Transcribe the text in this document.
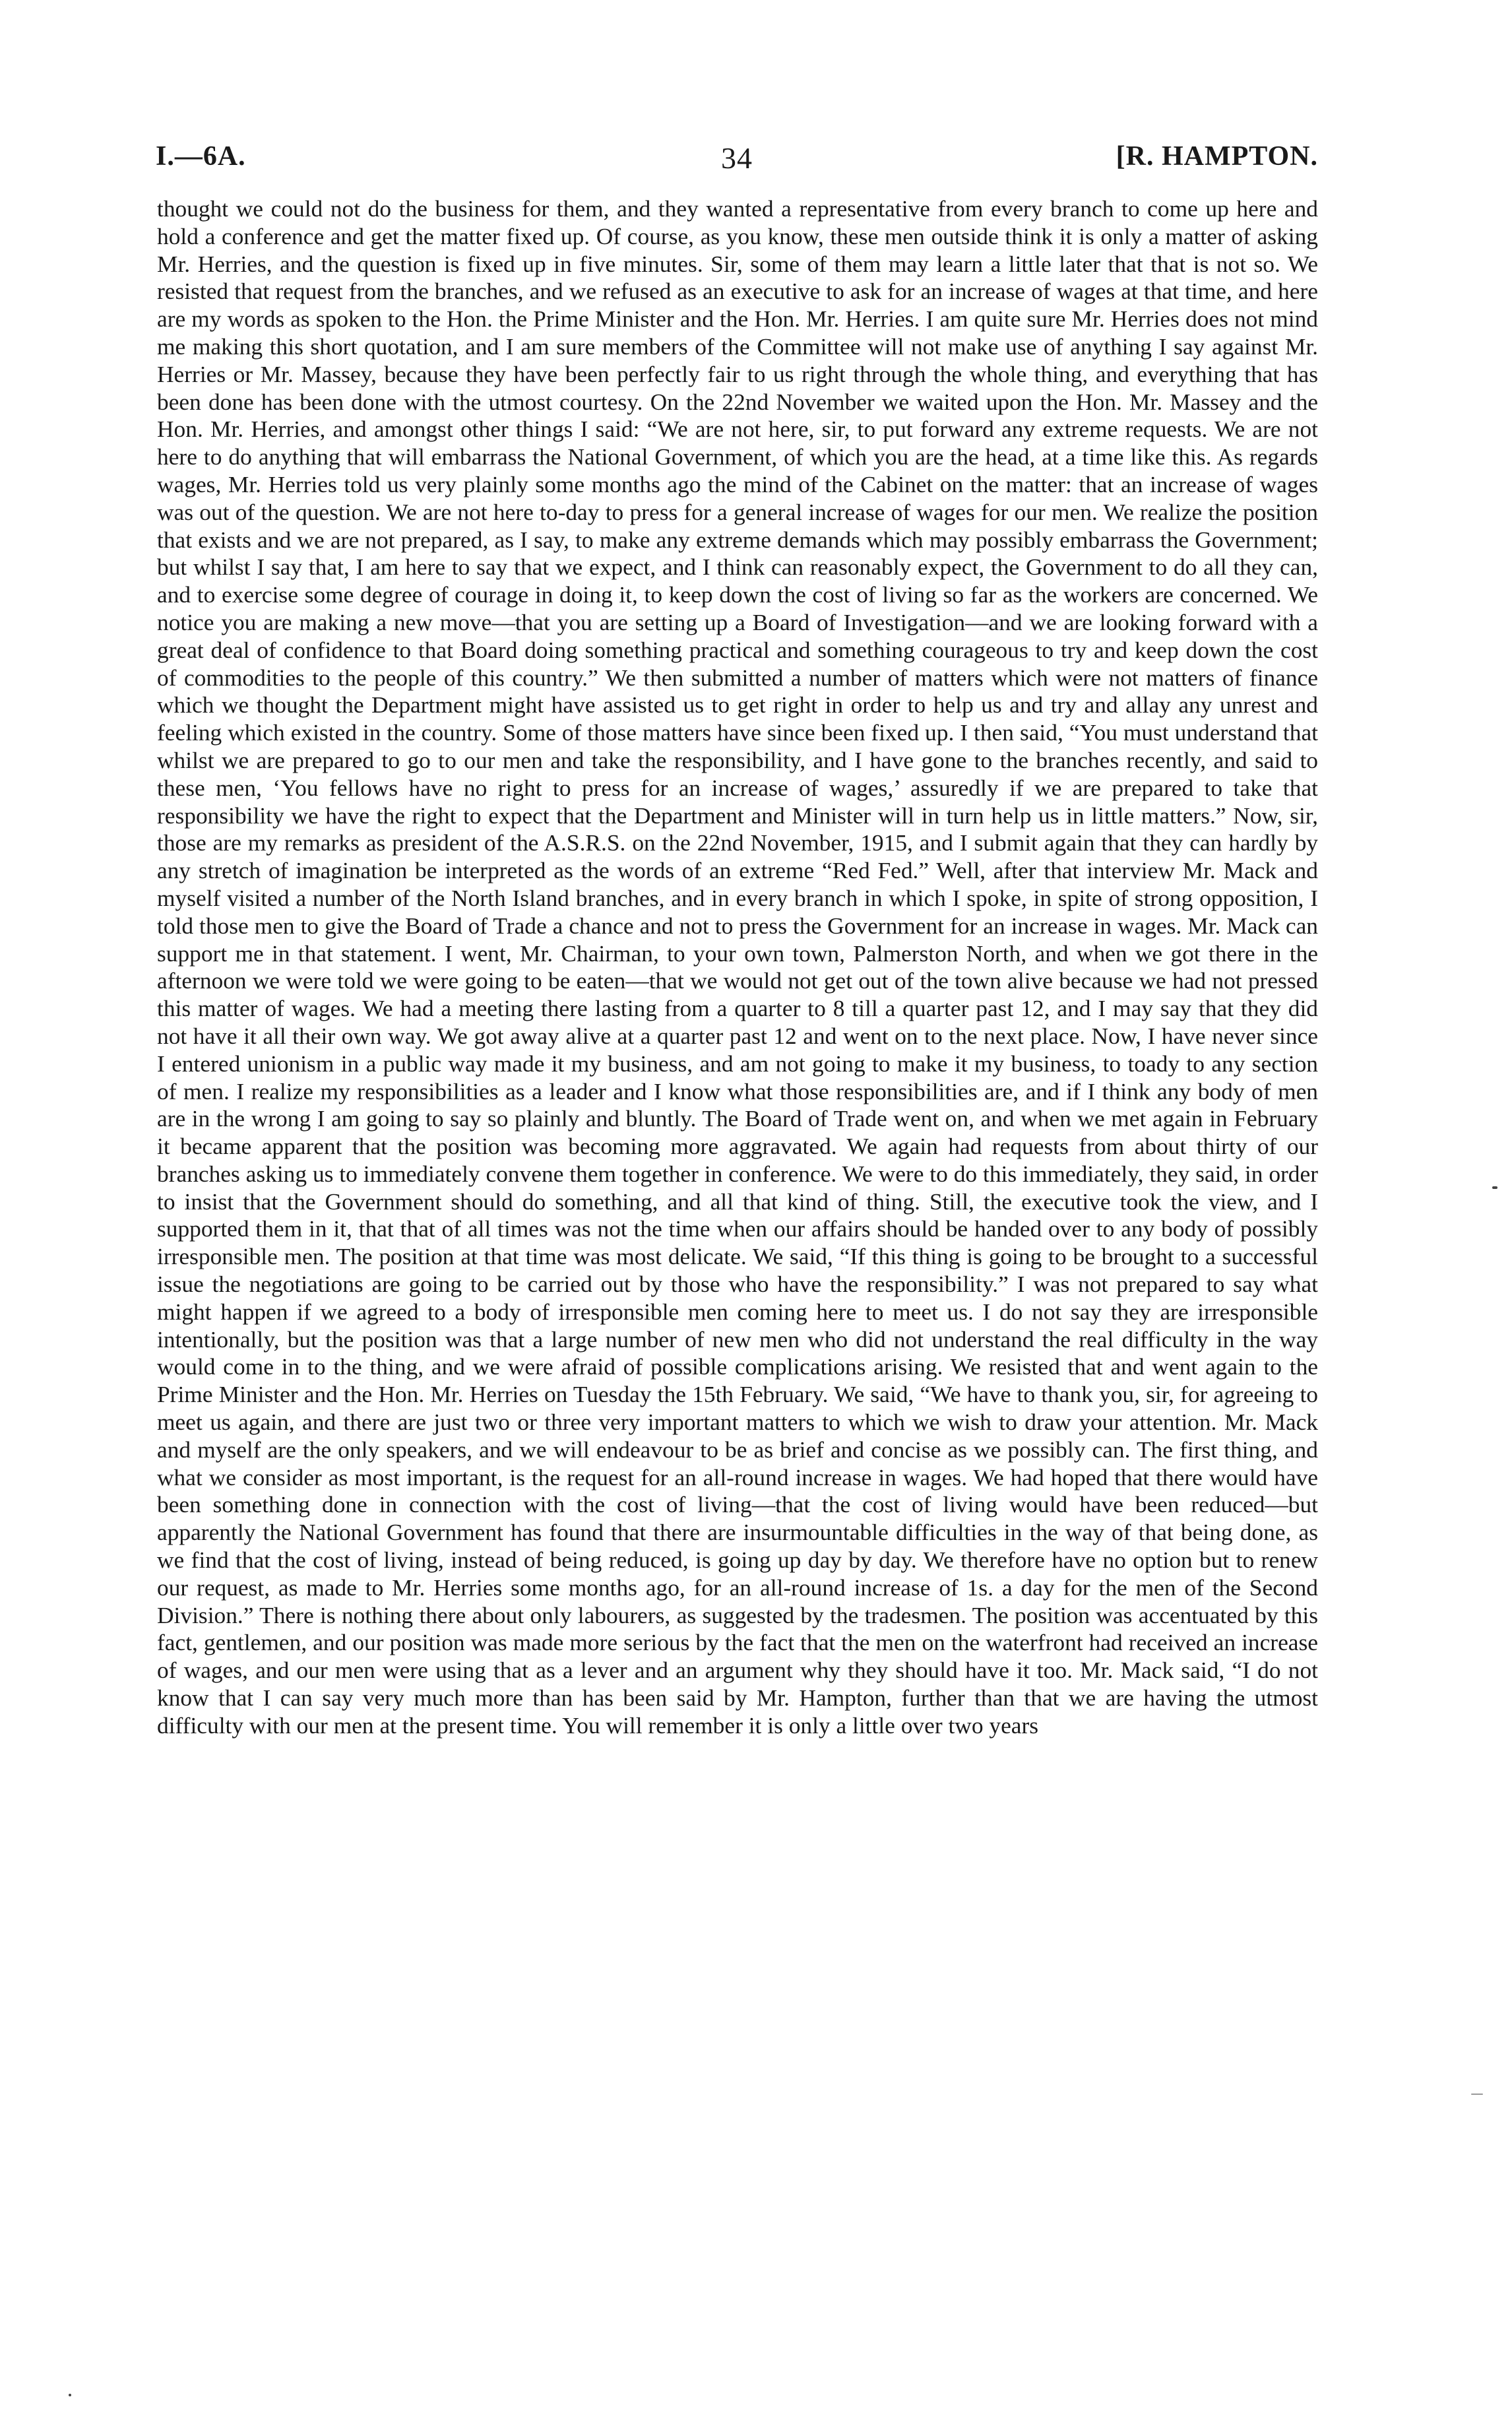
I.—6A.	34	[R. HAMPTON.

thought we could not do the business for them, and they wanted a representative from every branch to come up here and hold a conference and get the matter fixed up. Of course, as you know, these men outside think it is only a matter of asking Mr. Herries, and the question is fixed up in five minutes. Sir, some of them may learn a little later that that is not so. We resisted that request from the branches, and we refused as an executive to ask for an increase of wages at that time, and here are my words as spoken to the Hon. the Prime Minister and the Hon. Mr. Herries. I am quite sure Mr. Herries does not mind me making this short quotation, and I am sure members of the Committee will not make use of anything I say against Mr. Herries or Mr. Massey, because they have been perfectly fair to us right through the whole thing, and everything that has been done has been done with the utmost courtesy. On the 22nd November we waited upon the Hon. Mr. Massey and the Hon. Mr. Herries, and amongst other things I said: “We are not here, sir, to put forward any extreme requests. We are not here to do anything that will embarrass the National Government, of which you are the head, at a time like this. As regards wages, Mr. Herries told us very plainly some months ago the mind of the Cabinet on the matter: that an increase of wages was out of the question. We are not here to-day to press for a general increase of wages for our men. We realize the position that exists and we are not prepared, as I say, to make any extreme demands which may possibly embarrass the Government; but whilst I say that, I am here to say that we expect, and I think can reasonably expect, the Government to do all they can, and to exercise some degree of courage in doing it, to keep down the cost of living so far as the workers are concerned. We notice you are making a new move—that you are setting up a Board of Investigation—and we are looking forward with a great deal of confidence to that Board doing something practical and something courageous to try and keep down the cost of commodities to the people of this country.” We then submitted a number of matters which were not matters of finance which we thought the Department might have assisted us to get right in order to help us and try and allay any unrest and feeling which existed in the country. Some of those matters have since been fixed up. I then said, “You must understand that whilst we are prepared to go to our men and take the responsibility, and I have gone to the branches recently, and said to these men, ‘You fellows have no right to press for an increase of wages,’ assuredly if we are prepared to take that responsibility we have the right to expect that the Department and Minister will in turn help us in little matters.” Now, sir, those are my remarks as president of the A.S.R.S. on the 22nd November, 1915, and I submit again that they can hardly by any stretch of imagination be interpreted as the words of an extreme “Red Fed.” Well, after that interview Mr. Mack and myself visited a number of the North Island branches, and in every branch in which I spoke, in spite of strong opposition, I told those men to give the Board of Trade a chance and not to press the Government for an increase in wages. Mr. Mack can support me in that statement. I went, Mr. Chairman, to your own town, Palmerston North, and when we got there in the afternoon we were told we were going to be eaten—that we would not get out of the town alive because we had not pressed this matter of wages. We had a meeting there lasting from a quarter to 8 till a quarter past 12, and I may say that they did not have it all their own way. We got away alive at a quarter past 12 and went on to the next place. Now, I have never since I entered unionism in a public way made it my business, and am not going to make it my business, to toady to any section of men. I realize my responsibilities as a leader and I know what those responsibilities are, and if I think any body of men are in the wrong I am going to say so plainly and bluntly. The Board of Trade went on, and when we met again in February it became apparent that the position was becoming more aggravated. We again had requests from about thirty of our branches asking us to immediately convene them together in conference. We were to do this immediately, they said, in order to insist that the Government should do something, and all that kind of thing. Still, the executive took the view, and I supported them in it, that that of all times was not the time when our affairs should be handed over to any body of possibly irresponsible men. The position at that time was most delicate. We said, “If this thing is going to be brought to a successful issue the negotiations are going to be carried out by those who have the responsibility.” I was not prepared to say what might happen if we agreed to a body of irresponsible men coming here to meet us. I do not say they are irresponsible intentionally, but the position was that a large number of new men who did not understand the real difficulty in the way would come in to the thing, and we were afraid of possible complications arising. We resisted that and went again to the Prime Minister and the Hon. Mr. Herries on Tuesday the 15th February. We said, “We have to thank you, sir, for agreeing to meet us again, and there are just two or three very important matters to which we wish to draw your attention. Mr. Mack and myself are the only speakers, and we will endeavour to be as brief and concise as we possibly can. The first thing, and what we consider as most important, is the request for an all-round increase in wages. We had hoped that there would have been something done in connection with the cost of living—that the cost of living would have been reduced—but apparently the National Government has found that there are insurmountable difficulties in the way of that being done, as we find that the cost of living, instead of being reduced, is going up day by day. We therefore have no option but to renew our request, as made to Mr. Herries some months ago, for an all-round increase of 1s. a day for the men of the Second Division.” There is nothing there about only labourers, as suggested by the tradesmen. The position was accentuated by this fact, gentlemen, and our position was made more serious by the fact that the men on the waterfront had received an increase of wages, and our men were using that as a lever and an argument why they should have it too. Mr. Mack said, “I do not know that I can say very much more than has been said by Mr. Hampton, further than that we are having the utmost difficulty with our men at the present time. You will remember it is only a little over two years
